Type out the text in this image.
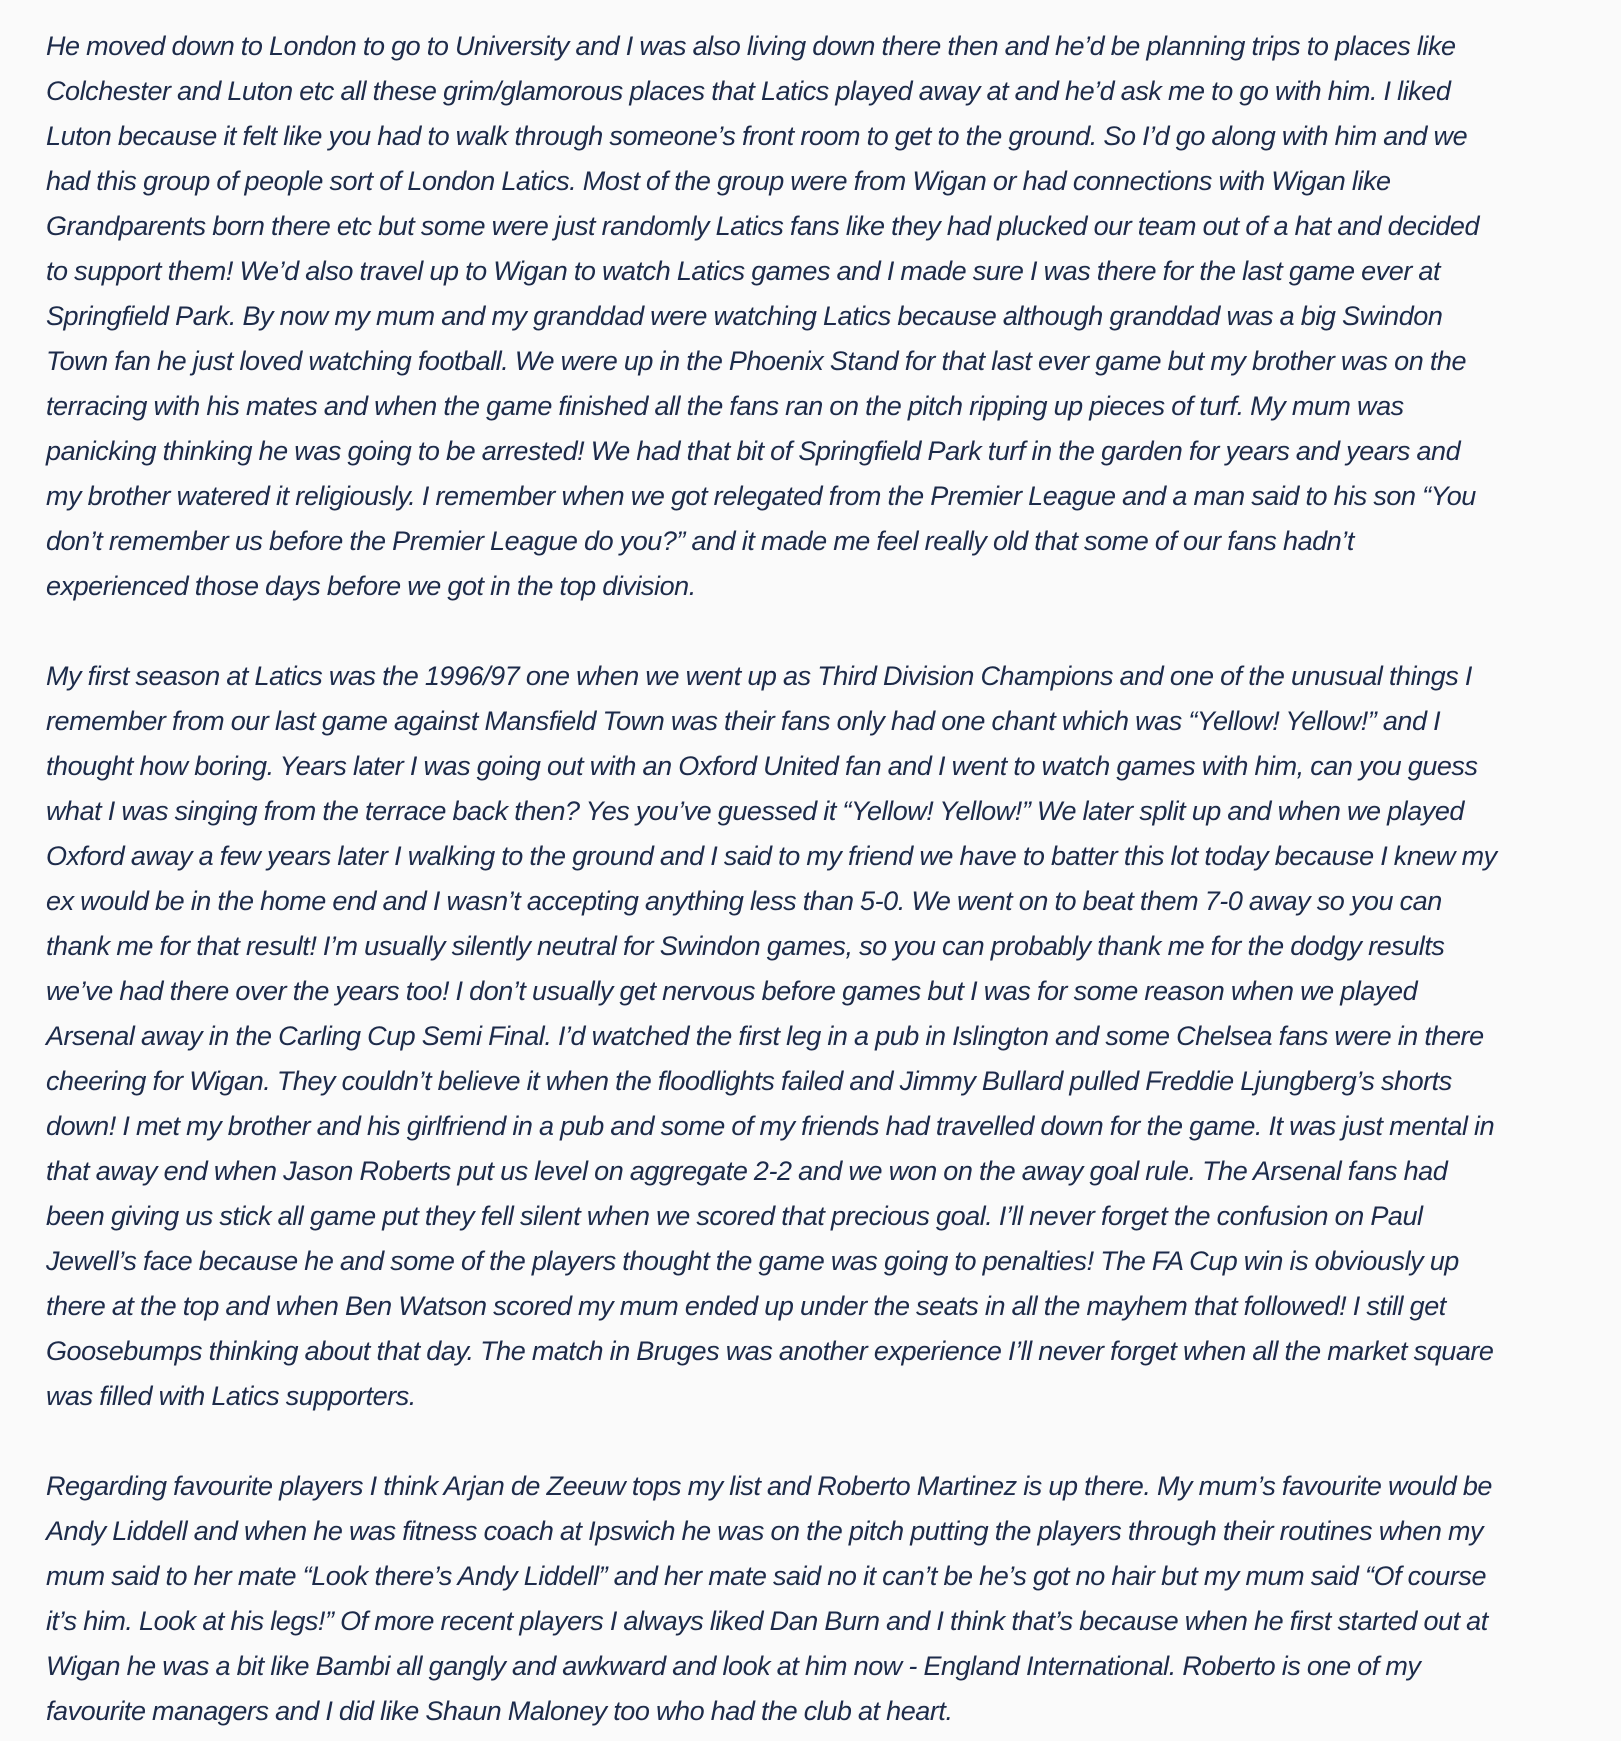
He moved down to London to go to University and I was also living down there then and he’d be planning trips to places like Colchester and Luton etc all these grim/glamorous places that Latics played away at and he’d ask me to go with him. I liked Luton because it felt like you had to walk through someone’s front room to get to the ground. So I’d go along with him and we had this group of people sort of London Latics. Most of the group were from Wigan or had connections with Wigan like Grandparents born there etc but some were just randomly Latics fans like they had plucked our team out of a hat and decided to support them! We’d also travel up to Wigan to watch Latics games and I made sure I was there for the last game ever at Springfield Park. By now my mum and my granddad were watching Latics because although granddad was a big Swindon Town fan he just loved watching football. We were up in the Phoenix Stand for that last ever game but my brother was on the terracing with his mates and when the game finished all the fans ran on the pitch ripping up pieces of turf. My mum was panicking thinking he was going to be arrested! We had that bit of Springfield Park turf in the garden for years and years and my brother watered it religiously. I remember when we got relegated from the Premier League and a man said to his son “You don’t remember us before the Premier League do you?” and it made me feel really old that some of our fans hadn’t experienced those days before we got in the top division.

My first season at Latics was the 1996/97 one when we went up as Third Division Champions and one of the unusual things I remember from our last game against Mansfield Town was their fans only had one chant which was “Yellow! Yellow!” and I thought how boring. Years later I was going out with an Oxford United fan and I went to watch games with him, can you guess what I was singing from the terrace back then? Yes you’ve guessed it “Yellow! Yellow!” We later split up and when we played Oxford away a few years later I walking to the ground and I said to my friend we have to batter this lot today because I knew my ex would be in the home end and I wasn’t accepting anything less than 5-0. We went on to beat them 7-0 away so you can thank me for that result! I’m usually silently neutral for Swindon games, so you can probably thank me for the dodgy results we’ve had there over the years too! I don’t usually get nervous before games but I was for some reason when we played Arsenal away in the Carling Cup Semi Final. I’d watched the first leg in a pub in Islington and some Chelsea fans were in there cheering for Wigan. They couldn’t believe it when the floodlights failed and Jimmy Bullard pulled Freddie Ljungberg’s shorts down! I met my brother and his girlfriend in a pub and some of my friends had travelled down for the game. It was just mental in that away end when Jason Roberts put us level on aggregate 2-2 and we won on the away goal rule. The Arsenal fans had been giving us stick all game put they fell silent when we scored that precious goal. I’ll never forget the confusion on Paul Jewell’s face because he and some of the players thought the game was going to penalties! The FA Cup win is obviously up there at the top and when Ben Watson scored my mum ended up under the seats in all the mayhem that followed! I still get Goosebumps thinking about that day. The match in Bruges was another experience I’ll never forget when all the market square was filled with Latics supporters.

Regarding favourite players I think Arjan de Zeeuw tops my list and Roberto Martinez is up there. My mum’s favourite would be Andy Liddell and when he was fitness coach at Ipswich he was on the pitch putting the players through their routines when my mum said to her mate “Look there’s Andy Liddell” and her mate said no it can’t be he’s got no hair but my mum said “Of course it’s him. Look at his legs!” Of more recent players I always liked Dan Burn and I think that’s because when he first started out at Wigan he was a bit like Bambi all gangly and awkward and look at him now - England International. Roberto is one of my favourite managers and I did like Shaun Maloney too who had the club at heart.
